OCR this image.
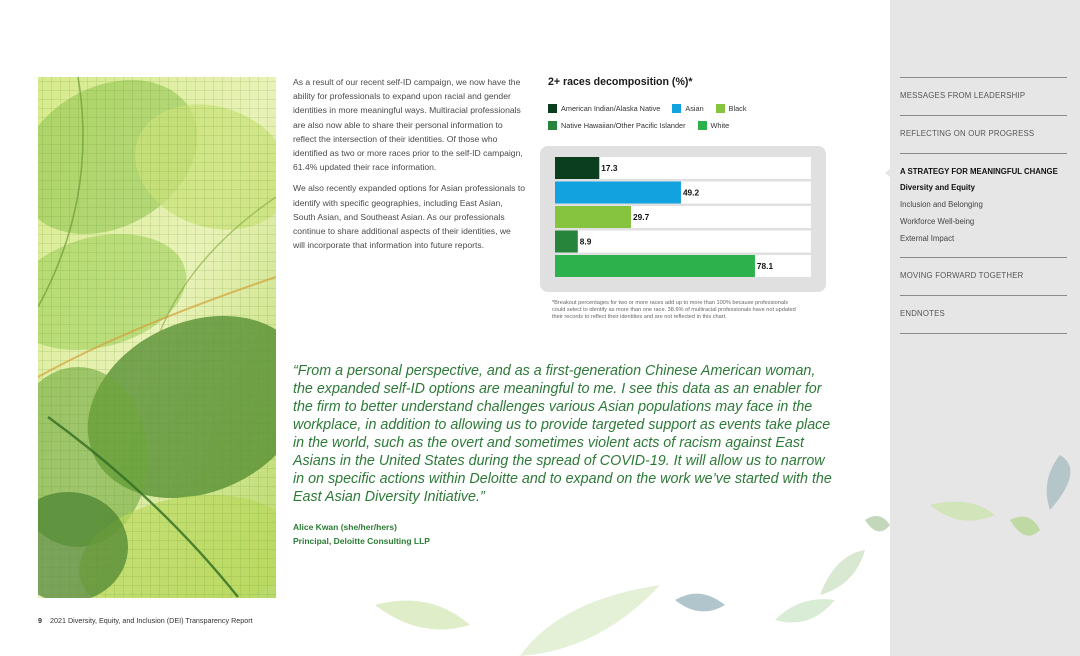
As a result of our recent self-ID campaign, we now have the ability for professionals to expand upon racial and gender identities in more meaningful ways. Multiracial professionals are also now able to share their personal information to reflect the intersection of their identities. Of those who identified as two or more races prior to the self-ID campaign, 61.4% updated their race information.

We also recently expanded options for Asian professionals to identify with specific geographies, including East Asian, South Asian, and Southeast Asian. As our professionals continue to share additional aspects of their identities, we will incorporate that information into future reports.

2+ races decomposition (%)*
American Indian/Alaska Native	Asian	Black
Native Hawaiian/Other Pacific Islander	White
17.3
49.2
29.7
8.9
78.1
*Breakout percentages for two or more races add up to more than 100% because professionals could select to identify as more than one race. 38.6% of multiracial professionals have not updated their records to reflect their identities and are not reflected in this chart.
“From a personal perspective, and as a first-generation Chinese American woman, the expanded self-ID options are meaningful to me. I see this data as an enabler for the firm to better understand challenges various Asian populations may face in the workplace, in addition to allowing us to provide targeted support as events take place in the world, such as the overt and sometimes violent acts of racism against East Asians in the United States during the spread of COVID-19. It will allow us to narrow in on specific actions within Deloitte and to expand on the work we’ve started with the East Asian Diversity Initiative.”
Alice Kwan (she/her/hers)
Principal, Deloitte Consulting LLP
9 2021 Diversity, Equity, and Inclusion (DEI) Transparency Report
MESSAGES FROM LEADERSHIP
REFLECTING ON OUR PROGRESS
A STRATEGY FOR MEANINGFUL CHANGE
Diversity and Equity
Inclusion and Belonging
Workforce Well-being
External Impact
MOVING FORWARD TOGETHER
ENDNOTES
